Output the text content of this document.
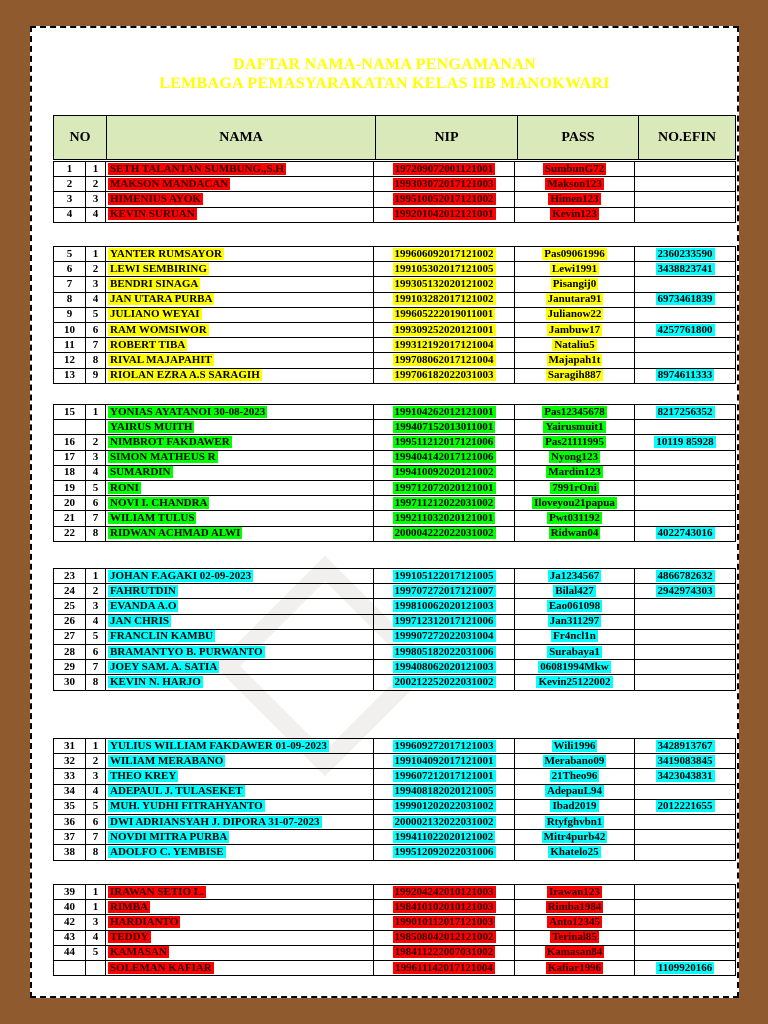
DAFTAR NAMA-NAMA PENGAMANAN
LEMBAGA PEMASYARAKATAN KELAS IIB MANOKWARI
NO	NAMA	NIP	PASS	NO.EFIN
1	1	SETH TALANTAN SUMBUNG.,S.H	197209072001121001	SumbunG72	
2	2	MAKSON MANDACAN	199303072017121003	Makson123	
3	3	HIMENIUS AYOK	199510052017121002	Himen123	
4	4	KEVIN SURUAN	199201042012121001	Kevin123	
5	1	YANTER RUMSAYOR	199606092017121002	Pas09061996	2360233590
6	2	LEWI SEMBIRING	199105302017121005	Lewi1991	3438823741
7	3	BENDRI SINAGA	199305132020121002	Pisangij0	
8	4	JAN UTARA PURBA	199103282017121002	Janutara91	6973461839
9	5	JULIANO WEYAI	199605222019011001	Julianow22	
10	6	RAM WOMSIWOR	199309252020121001	Jambuw17	4257761800
11	7	ROBERT TIBA	199312192017121004	Nataliu5	
12	8	RIVAL MAJAPAHIT	199708062017121004	Majapah1t	
13	9	RIOLAN EZRA A.S SARAGIH	199706182022031003	Saragih887	8974611333
15	1	YONIAS AYATANOI 30-08-2023	199104262012121001	Pas12345678	8217256352
		YAIRUS MUITH	199407152013011001	Yairusmuit1	
16	2	NIMBROT FAKDAWER	199511212017121006	Pas21111995	10119 85928
17	3	SIMON MATHEUS R	199404142017121006	Nyong123	
18	4	SUMARDIN	199410092020121002	Mardin123	
19	5	RONI	199712072020121001	7991rOni	
20	6	NOVI I. CHANDRA	199711212022031002	Iloveyou21papua	
21	7	WILIAM TULUS	199211032020121001	Pwt031192	
22	8	RIDWAN ACHMAD ALWI	200004222022031002	Ridwan04	4022743016
23	1	JOHAN F.AGAKI 02-09-2023	199105122017121005	Ja1234567	4866782632
24	2	FAHRUTDIN	199707272017121007	Bilal427	2942974303
25	3	EVANDA A.O	199810062020121003	Eao061098	
26	4	JAN CHRIS	199712312017121006	Jan311297	
27	5	FRANCLIN KAMBU	199907272022031004	Fr4ncl1n	
28	6	BRAMANTYO B. PURWANTO	199805182022031006	Surabaya1	
29	7	JOEY SAM. A. SATIA	199408062020121003	06081994Mkw	
30	8	KEVIN N. HARJO	200212252022031002	Kevin25122002	
31	1	YULIUS WILLIAM FAKDAWER 01-09-2023	199609272017121003	Wili1996	3428913767
32	2	WILIAM MERABANO	199104092017121001	Merabano09	3419083845
33	3	THEO KREY	199607212017121001	21Theo96	3423043831
34	4	ADEPAUL J. TULASEKET	199408182020121005	AdepauL94	
35	5	MUH. YUDHI FITRAHYANTO	199901202022031002	Ibad2019	2012221655
36	6	DWI ADRIANSYAH J. DIPORA 31-07-2023	200002132022031002	Rtyfghvbn1	
37	7	NOVDI MITRA PURBA	199411022020121002	Mitr4purb42	
38	8	ADOLFO C. YEMBISE	199512092022031006	Khatelo25	
39	1	IRAWAN SETIO L.	199204242010121003	Irawan123	
40	1	RIMBA	198410102010121003	Rimba1984	
42	3	HARDIANTO	199010112017121003	Anto12345	
43	4	TEDDY	198508042012121002	Terinal85	
44	5	KAMASAN	198411222007031002	Kamasan84	
		SOLEMAN KAFIAR	199611142017121004	Kafiar1996	1109920166
